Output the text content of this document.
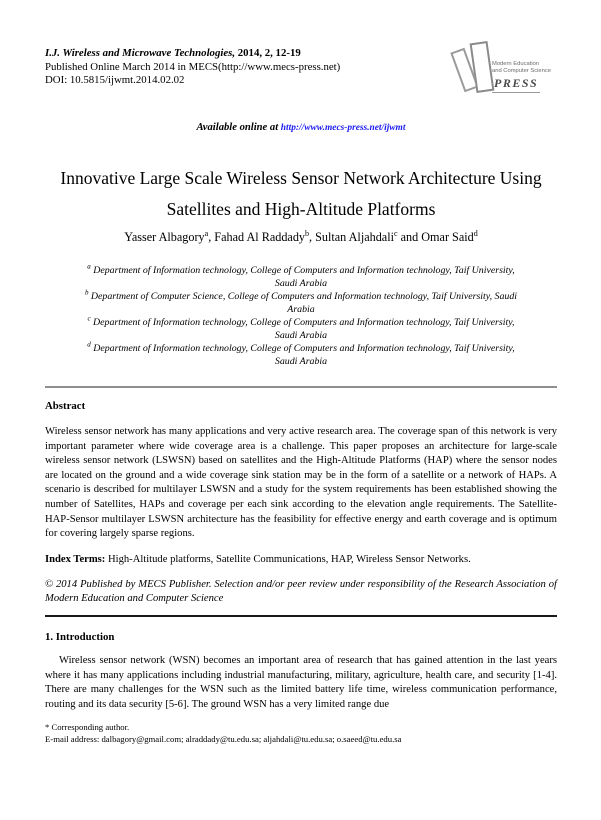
I.J. Wireless and Microwave Technologies, 2014, 2, 12-19
Published Online March 2014 in MECS(http://www.mecs-press.net)
DOI: 10.5815/ijwmt.2014.02.02
Modern Education
and Computer Science
PRESS
Available online at http://www.mecs-press.net/ijwmt
Innovative Large Scale Wireless Sensor Network Architecture Using
Satellites and High-Altitude Platforms
Yasser Albagory$^a$, Fahad Al Raddady$^b$, Sultan Aljahdali$^c$ and Omar Said$^d$
$^a$ Department of Information technology, College of Computers and Information technology, Taif University,
Saudi Arabia
$^b$ Department of Computer Science, College of Computers and Information technology, Taif University, Saudi
Arabia
$^c$ Department of Information technology, College of Computers and Information technology, Taif University,
Saudi Arabia
$^d$ Department of Information technology, College of Computers and Information technology, Taif University,
Saudi Arabia
Abstract
Wireless sensor network has many applications and very active research area. The coverage span of this network is very important parameter where wide coverage area is a challenge. This paper proposes an architecture for large-scale wireless sensor network (LSWSN) based on satellites and the High-Altitude Platforms (HAP) where the sensor nodes are located on the ground and a wide coverage sink station may be in the form of a satellite or a network of HAPs. A scenario is described for multilayer LSWSN and a study for the system requirements has been established showing the number of Satellites, HAPs and coverage per each sink according to the elevation angle requirements. The Satellite-HAP-Sensor multilayer LSWSN architecture has the feasibility for effective energy and earth coverage and is optimum for covering largely sparse regions.
Index Terms: High-Altitude platforms, Satellite Communications, HAP, Wireless Sensor Networks.
© 2014 Published by MECS Publisher. Selection and/or peer review under responsibility of the Research Association of Modern Education and Computer Science
1. Introduction
Wireless sensor network (WSN) becomes an important area of research that has gained attention in the last years where it has many applications including industrial manufacturing, military, agriculture, health care, and security [1-4]. There are many challenges for the WSN such as the limited battery life time, wireless communication performance, routing and its data security [5-6]. The ground WSN has a very limited range due
* Corresponding author.
E-mail address: dalbagory@gmail.com; alraddady@tu.edu.sa; aljahdali@tu.edu.sa; o.saeed@tu.edu.sa
